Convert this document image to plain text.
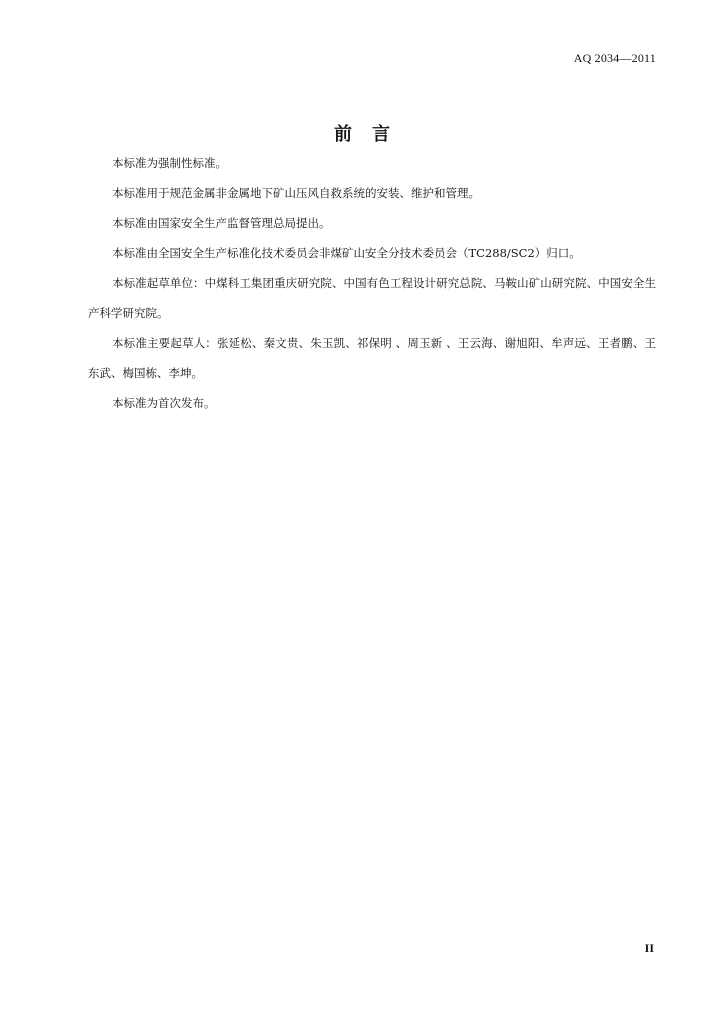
AQ 2034—2011
前言

本标准为强制性标准。

本标准用于规范金属非金属地下矿山压风自救系统的安装、维护和管理。

本标准由国家安全生产监督管理总局提出。

本标准由全国安全生产标准化技术委员会非煤矿山安全分技术委员会（TC288/SC2）归口。

本标准起草单位：中煤科工集团重庆研究院、中国有色工程设计研究总院、马鞍山矿山研究院、中国安全生产科学研究院。

本标准主要起草人：张延松、秦文贵、朱玉凯、祁保明 、周玉新 、王云海、谢旭阳、牟声远、王者鹏、王东武、梅国栋、李坤。

本标准为首次发布。

II
